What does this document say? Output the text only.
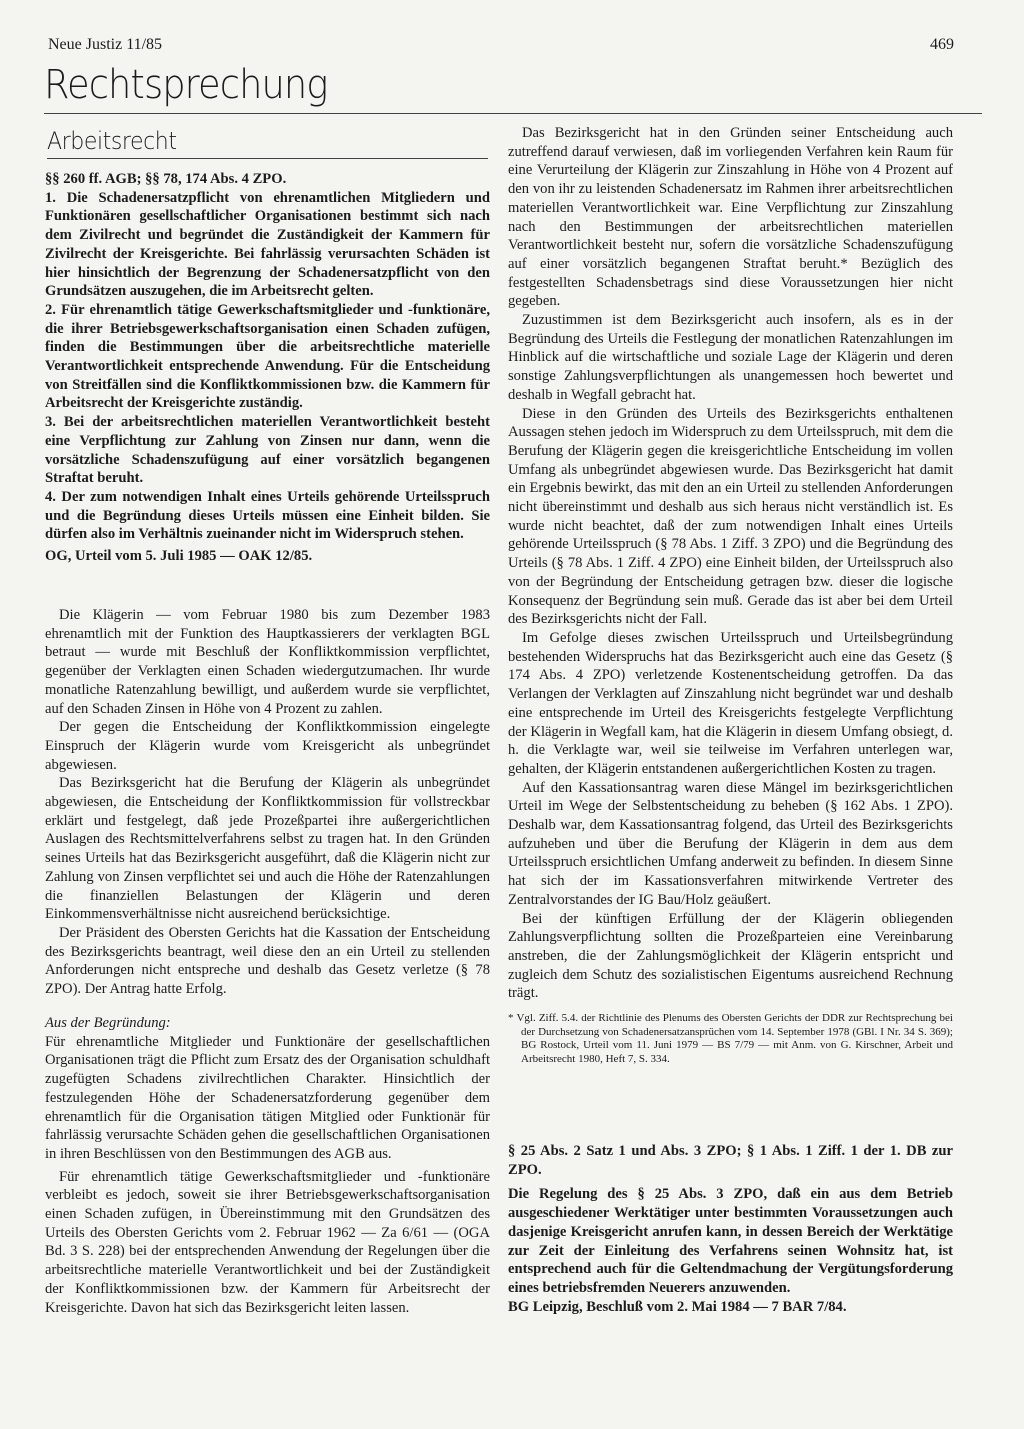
Neue Justiz 11/85	469
Rechtsprechung
Arbeitsrecht

§§ 260 ff. AGB; §§ 78, 174 Abs. 4 ZPO.

1. Die Schadenersatzpflicht von ehrenamtlichen Mitgliedern und Funktionären gesellschaftlicher Organisationen bestimmt sich nach dem Zivilrecht und begründet die Zuständigkeit der Kammern für Zivilrecht der Kreisgerichte. Bei fahrlässig verursachten Schäden ist hier hinsichtlich der Begrenzung der Schadenersatzpflicht von den Grundsätzen auszugehen, die im Arbeitsrecht gelten.

2. Für ehrenamtlich tätige Gewerkschaftsmitglieder und -funktionäre, die ihrer Betriebsgewerkschaftsorganisation einen Schaden zufügen, finden die Bestimmungen über die arbeitsrechtliche materielle Verantwortlichkeit entsprechende Anwendung. Für die Entscheidung von Streitfällen sind die Konfliktkommissionen bzw. die Kammern für Arbeitsrecht der Kreisgerichte zuständig.

3. Bei der arbeitsrechtlichen materiellen Verantwortlichkeit besteht eine Verpflichtung zur Zahlung von Zinsen nur dann, wenn die vorsätzliche Schadenszufügung auf einer vorsätzlich begangenen Straftat beruht.

4. Der zum notwendigen Inhalt eines Urteils gehörende Urteilsspruch und die Begründung dieses Urteils müssen eine Einheit bilden. Sie dürfen also im Verhältnis zueinander nicht im Widerspruch stehen.

OG, Urteil vom 5. Juli 1985 — OAK 12/85.

Die Klägerin — vom Februar 1980 bis zum Dezember 1983 ehrenamtlich mit der Funktion des Hauptkassierers der verklagten BGL betraut — wurde mit Beschluß der Konfliktkommission verpflichtet, gegenüber der Verklagten einen Schaden wiedergutzumachen. Ihr wurde monatliche Ratenzahlung bewilligt, und außerdem wurde sie verpflichtet, auf den Schaden Zinsen in Höhe von 4 Prozent zu zahlen.

Der gegen die Entscheidung der Konfliktkommission eingelegte Einspruch der Klägerin wurde vom Kreisgericht als unbegründet abgewiesen.

Das Bezirksgericht hat die Berufung der Klägerin als unbegründet abgewiesen, die Entscheidung der Konfliktkommission für vollstreckbar erklärt und festgelegt, daß jede Prozeßpartei ihre außergerichtlichen Auslagen des Rechtsmittelverfahrens selbst zu tragen hat. In den Gründen seines Urteils hat das Bezirksgericht ausgeführt, daß die Klägerin nicht zur Zahlung von Zinsen verpflichtet sei und auch die Höhe der Ratenzahlungen die finanziellen Belastungen der Klägerin und deren Einkommensverhältnisse nicht ausreichend berücksichtige.

Der Präsident des Obersten Gerichts hat die Kassation der Entscheidung des Bezirksgerichts beantragt, weil diese den an ein Urteil zu stellenden Anforderungen nicht entspreche und deshalb das Gesetz verletze (§ 78 ZPO). Der Antrag hatte Erfolg.

Aus der Begründung:

Für ehrenamtliche Mitglieder und Funktionäre der gesellschaftlichen Organisationen trägt die Pflicht zum Ersatz des der Organisation schuldhaft zugefügten Schadens zivilrechtlichen Charakter. Hinsichtlich der festzulegenden Höhe der Schadenersatzforderung gegenüber dem ehrenamtlich für die Organisation tätigen Mitglied oder Funktionär für fahrlässig verursachte Schäden gehen die gesellschaftlichen Organisationen in ihren Beschlüssen von den Bestimmungen des AGB aus.

Für ehrenamtlich tätige Gewerkschaftsmitglieder und -funktionäre verbleibt es jedoch, soweit sie ihrer Betriebsgewerkschaftsorganisation einen Schaden zufügen, in Übereinstimmung mit den Grundsätzen des Urteils des Obersten Gerichts vom 2. Februar 1962 — Za 6/61 — (OGA Bd. 3 S. 228) bei der entsprechenden Anwendung der Regelungen über die arbeitsrechtliche materielle Verantwortlichkeit und bei der Zuständigkeit der Konfliktkommissionen bzw. der Kammern für Arbeitsrecht der Kreisgerichte. Davon hat sich das Bezirksgericht leiten lassen.

Das Bezirksgericht hat in den Gründen seiner Entscheidung auch zutreffend darauf verwiesen, daß im vorliegenden Verfahren kein Raum für eine Verurteilung der Klägerin zur Zinszahlung in Höhe von 4 Prozent auf den von ihr zu leistenden Schadenersatz im Rahmen ihrer arbeitsrechtlichen materiellen Verantwortlichkeit war. Eine Verpflichtung zur Zinszahlung nach den Bestimmungen der arbeitsrechtlichen materiellen Verantwortlichkeit besteht nur, sofern die vorsätzliche Schadenszufügung auf einer vorsätzlich begangenen Straftat beruht.* Bezüglich des festgestellten Schadensbetrags sind diese Voraussetzungen hier nicht gegeben.

Zuzustimmen ist dem Bezirksgericht auch insofern, als es in der Begründung des Urteils die Festlegung der monatlichen Ratenzahlungen im Hinblick auf die wirtschaftliche und soziale Lage der Klägerin und deren sonstige Zahlungsverpflichtungen als unangemessen hoch bewertet und deshalb in Wegfall gebracht hat.

Diese in den Gründen des Urteils des Bezirksgerichts enthaltenen Aussagen stehen jedoch im Widerspruch zu dem Urteilsspruch, mit dem die Berufung der Klägerin gegen die kreisgerichtliche Entscheidung im vollen Umfang als unbegründet abgewiesen wurde. Das Bezirksgericht hat damit ein Ergebnis bewirkt, das mit den an ein Urteil zu stellenden Anforderungen nicht übereinstimmt und deshalb aus sich heraus nicht verständlich ist. Es wurde nicht beachtet, daß der zum notwendigen Inhalt eines Urteils gehörende Urteilsspruch (§ 78 Abs. 1 Ziff. 3 ZPO) und die Begründung des Urteils (§ 78 Abs. 1 Ziff. 4 ZPO) eine Einheit bilden, der Urteilsspruch also von der Begründung der Entscheidung getragen bzw. dieser die logische Konsequenz der Begründung sein muß. Gerade das ist aber bei dem Urteil des Bezirksgerichts nicht der Fall.

Im Gefolge dieses zwischen Urteilsspruch und Urteilsbegründung bestehenden Widerspruchs hat das Bezirksgericht auch eine das Gesetz (§ 174 Abs. 4 ZPO) verletzende Kostenentscheidung getroffen. Da das Verlangen der Verklagten auf Zinszahlung nicht begründet war und deshalb eine entsprechende im Urteil des Kreisgerichts festgelegte Verpflichtung der Klägerin in Wegfall kam, hat die Klägerin in diesem Umfang obsiegt, d. h. die Verklagte war, weil sie teilweise im Verfahren unterlegen war, gehalten, der Klägerin entstandenen außergerichtlichen Kosten zu tragen.

Auf den Kassationsantrag waren diese Mängel im bezirksgerichtlichen Urteil im Wege der Selbstentscheidung zu beheben (§ 162 Abs. 1 ZPO). Deshalb war, dem Kassationsantrag folgend, das Urteil des Bezirksgerichts aufzuheben und über die Berufung der Klägerin in dem aus dem Urteilsspruch ersichtlichen Umfang anderweit zu befinden. In diesem Sinne hat sich der im Kassationsverfahren mitwirkende Vertreter des Zentralvorstandes der IG Bau/Holz geäußert.

Bei der künftigen Erfüllung der der Klägerin obliegenden Zahlungsverpflichtung sollten die Prozeßparteien eine Vereinbarung anstreben, die der Zahlungsmöglichkeit der Klägerin entspricht und zugleich dem Schutz des sozialistischen Eigentums ausreichend Rechnung trägt.

* Vgl. Ziff. 5.4. der Richtlinie des Plenums des Obersten Gerichts der DDR zur Rechtsprechung bei der Durchsetzung von Schadenersatzansprüchen vom 14. September 1978 (GBl. I Nr. 34 S. 369); BG Rostock, Urteil vom 11. Juni 1979 — BS 7/79 — mit Anm. von G. Kirschner, Arbeit und Arbeitsrecht 1980, Heft 7, S. 334.

§ 25 Abs. 2 Satz 1 und Abs. 3 ZPO; § 1 Abs. 1 Ziff. 1 der 1. DB zur ZPO.

Die Regelung des § 25 Abs. 3 ZPO, daß ein aus dem Betrieb ausgeschiedener Werktätiger unter bestimmten Voraussetzungen auch dasjenige Kreisgericht anrufen kann, in dessen Bereich der Werktätige zur Zeit der Einleitung des Verfahrens seinen Wohnsitz hat, ist entsprechend auch für die Geltendmachung der Vergütungsforderung eines betriebsfremden Neuerers anzuwenden.

BG Leipzig, Beschluß vom 2. Mai 1984 — 7 BAR 7/84.
